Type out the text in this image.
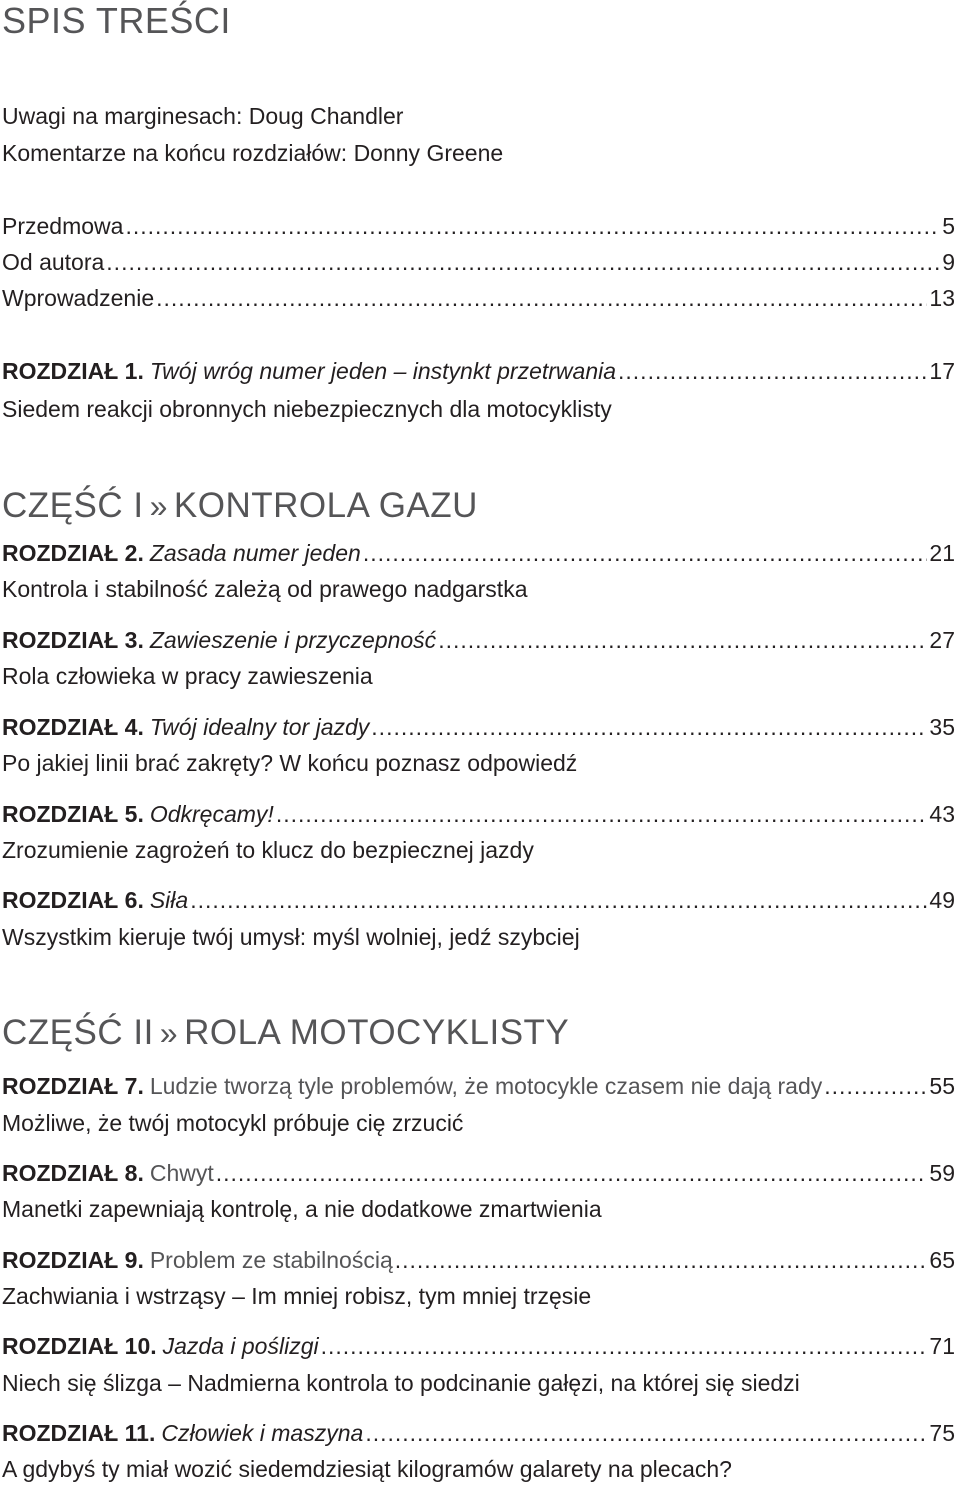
SPIS TREŚCI
Uwagi na marginesach: Doug Chandler
Komentarze na końcu rozdziałów: Donny Greene
Przedmowa .....	5
Od autora .....	9
Wprowadzenie .....	13
ROZDZIAŁ 1. Twój wróg numer jeden – instynkt przetrwania .....	17
Siedem reakcji obronnych niebezpiecznych dla motocyklisty
CZĘŚĆ I » KONTROLA GAZU
ROZDZIAŁ 2. Zasada numer jeden .....	21
Kontrola i stabilność zależą od prawego nadgarstka
ROZDZIAŁ 3. Zawieszenie i przyczepność .....	27
Rola człowieka w pracy zawieszenia
ROZDZIAŁ 4. Twój idealny tor jazdy .....	35
Po jakiej linii brać zakręty? W końcu poznasz odpowiedź
ROZDZIAŁ 5. Odkręcamy! .....	43
Zrozumienie zagrożeń to klucz do bezpiecznej jazdy
ROZDZIAŁ 6. Siła .....	49
Wszystkim kieruje twój umysł: myśl wolniej, jedź szybciej
CZĘŚĆ II » ROLA MOTOCYKLISTY
ROZDZIAŁ 7. Ludzie tworzą tyle problemów, że motocykle czasem nie dają rady .....	55
Możliwe, że twój motocykl próbuje cię zrzucić
ROZDZIAŁ 8. Chwyt .....	59
Manetki zapewniają kontrolę, a nie dodatkowe zmartwienia
ROZDZIAŁ 9. Problem ze stabilnością .....	65
Zachwiania i wstrząsy – Im mniej robisz, tym mniej trzęsie
ROZDZIAŁ 10. Jazda i poślizgi .....	71
Niech się ślizga – Nadmierna kontrola to podcinanie gałęzi, na której się siedzi
ROZDZIAŁ 11. Człowiek i maszyna .....	75
A gdybyś ty miał wozić siedemdziesiąt kilogramów galarety na plecach?
